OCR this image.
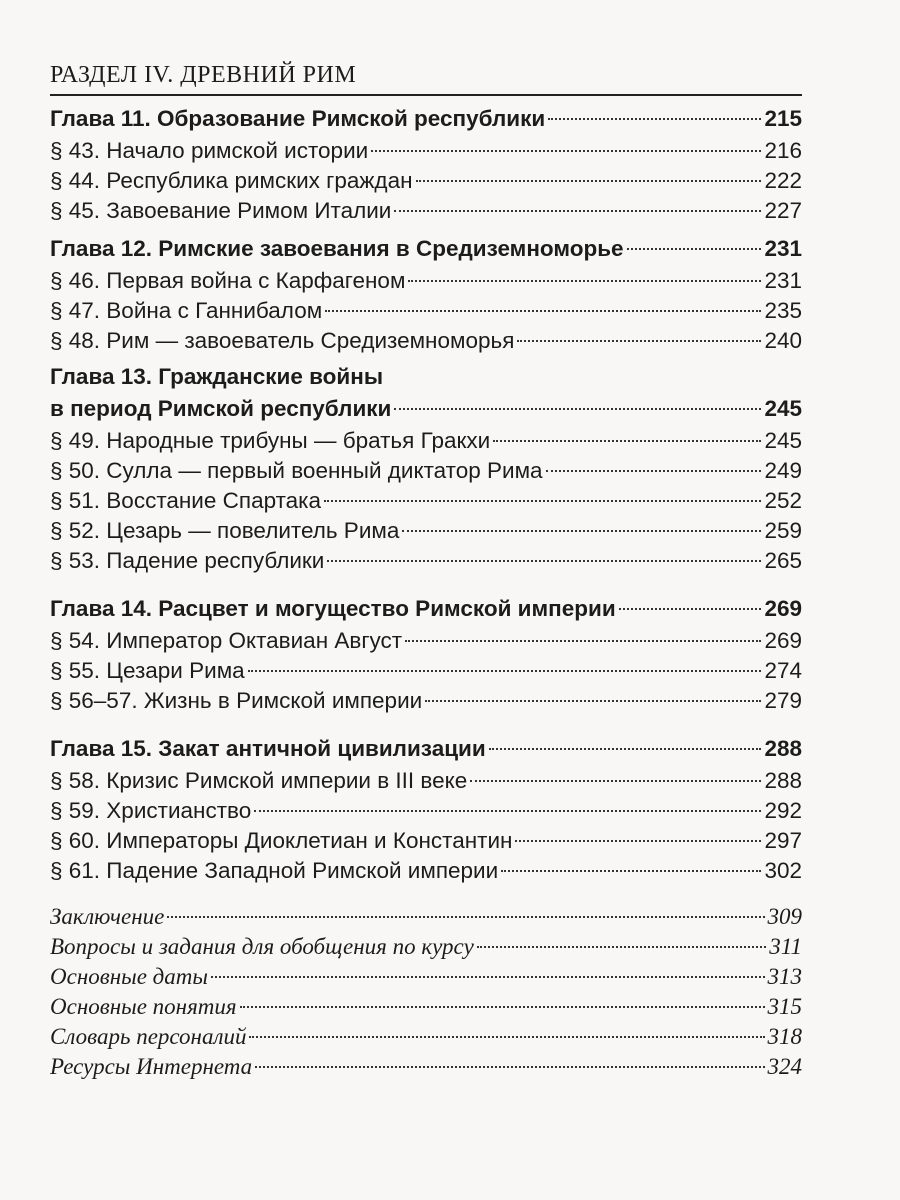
РАЗДЕЛ IV. ДРЕВНИЙ РИМ
Глава 11. Образование Римской республики	215
§ 43. Начало римской истории	216
§ 44. Республика римских граждан	222
§ 45. Завоевание Римом Италии	227
Глава 12. Римские завоевания в Средиземноморье	231
§ 46. Первая война с Карфагеном	231
§ 47. Война с Ганнибалом	235
§ 48. Рим — завоеватель Средиземноморья	240
Глава 13. Гражданские войны
в период Римской республики	245
§ 49. Народные трибуны — братья Гракхи	245
§ 50. Сулла — первый военный диктатор Рима	249
§ 51. Восстание Спартака	252
§ 52. Цезарь — повелитель Рима	259
§ 53. Падение республики	265
Глава 14. Расцвет и могущество Римской империи	269
§ 54. Император Октавиан Август	269
§ 55. Цезари Рима	274
§ 56–57. Жизнь в Римской империи	279
Глава 15. Закат античной цивилизации	288
§ 58. Кризис Римской империи в III веке	288
§ 59. Христианство	292
§ 60. Императоры Диоклетиан и Константин	297
§ 61. Падение Западной Римской империи	302
Заключение	309
Вопросы и задания для обобщения по курсу	311
Основные даты	313
Основные понятия	315
Словарь персоналий	318
Ресурсы Интернета	324
